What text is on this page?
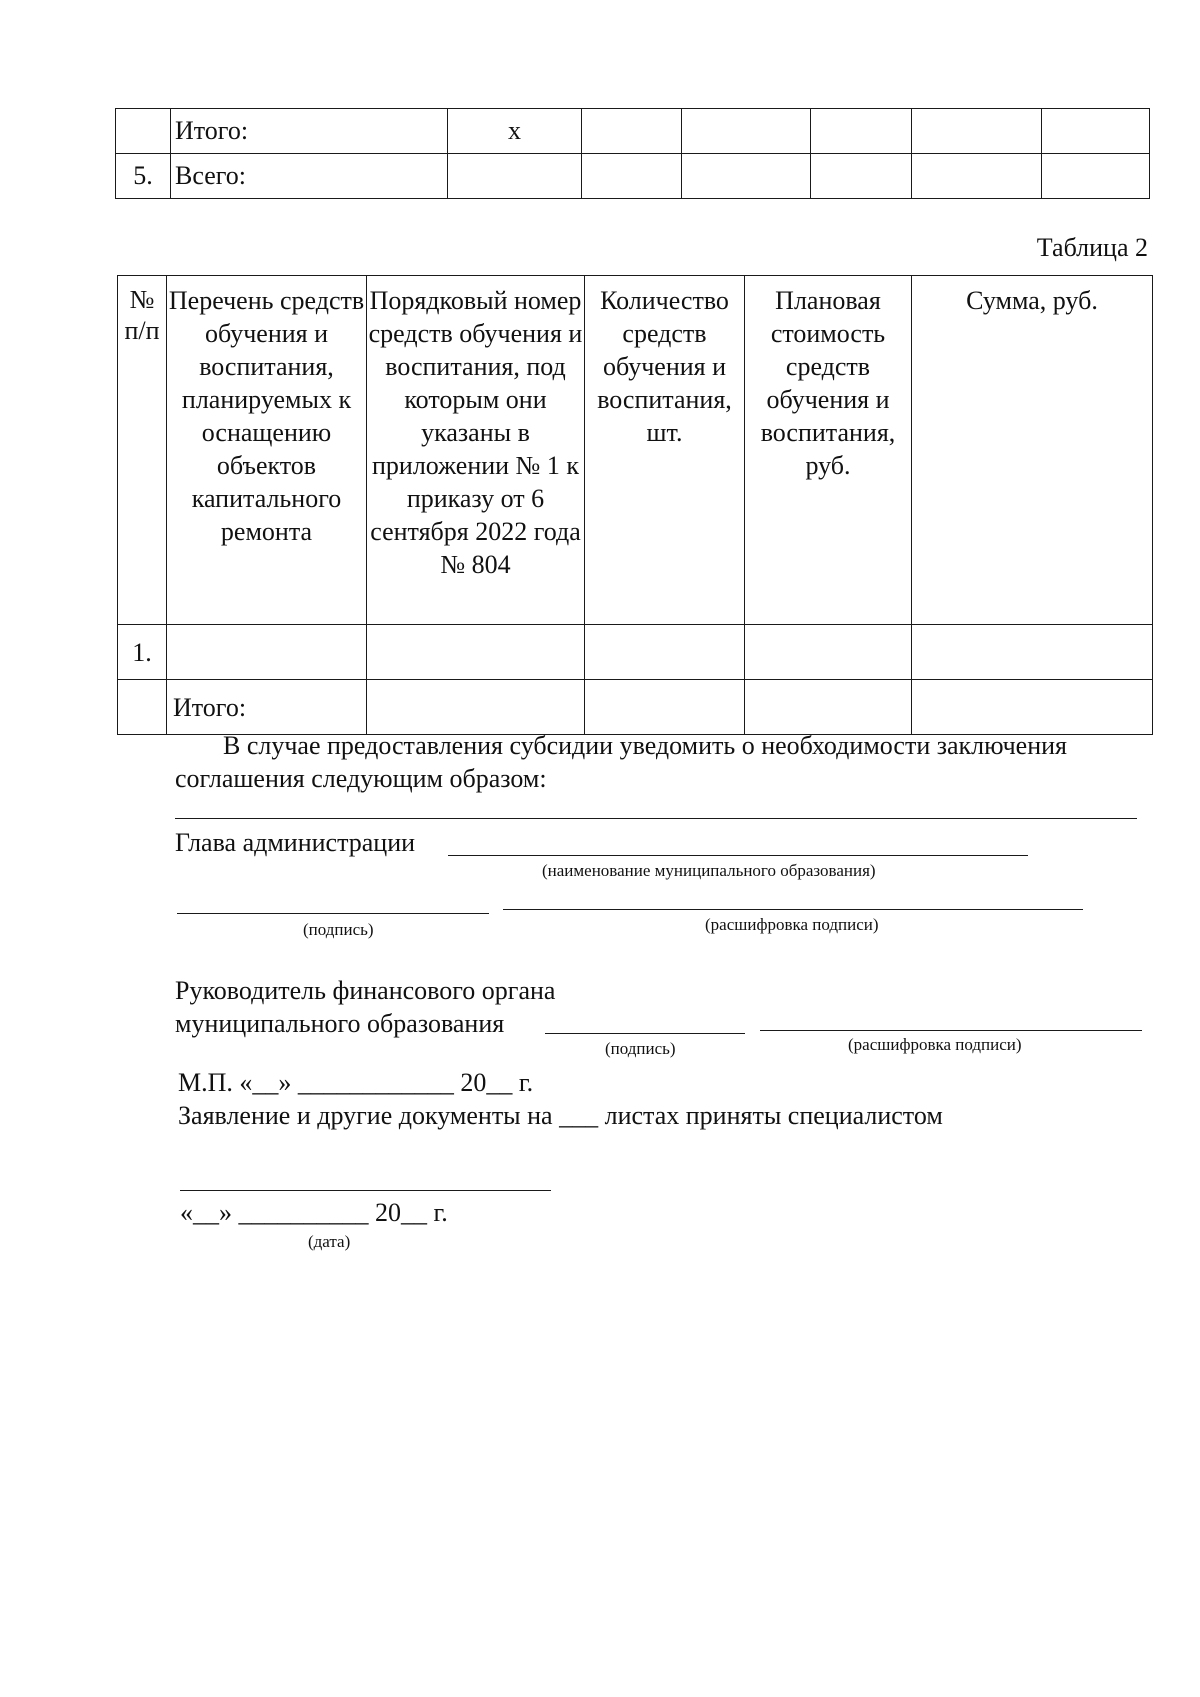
	Итого:	х					
5.	Всего:						
Таблица 2
№ п/п	Перечень средств обучения и воспитания, планируемых к оснащению объектов капитального ремонта	Порядковый номер средств обучения и воспитания, под которым они указаны в приложении № 1 к приказу от 6 сентября 2022 года № 804	Количество средств обучения и воспитания, шт.	Плановая стоимость средств обучения и воспитания, руб.	Сумма, руб.
1.					
	Итого:				
В случае предоставления субсидии уведомить о необходимости заключения
соглашения следующим образом:
Глава администрации
(наименование муниципального образования)
(подпись)	(расшифровка подписи)
Руководитель финансового органа
муниципального образования
(подпись)	(расшифровка подписи)
М.П. «__» ____________ 20__ г.
Заявление и другие документы на ___ листах приняты специалистом
«__» __________ 20__ г.
(дата)
